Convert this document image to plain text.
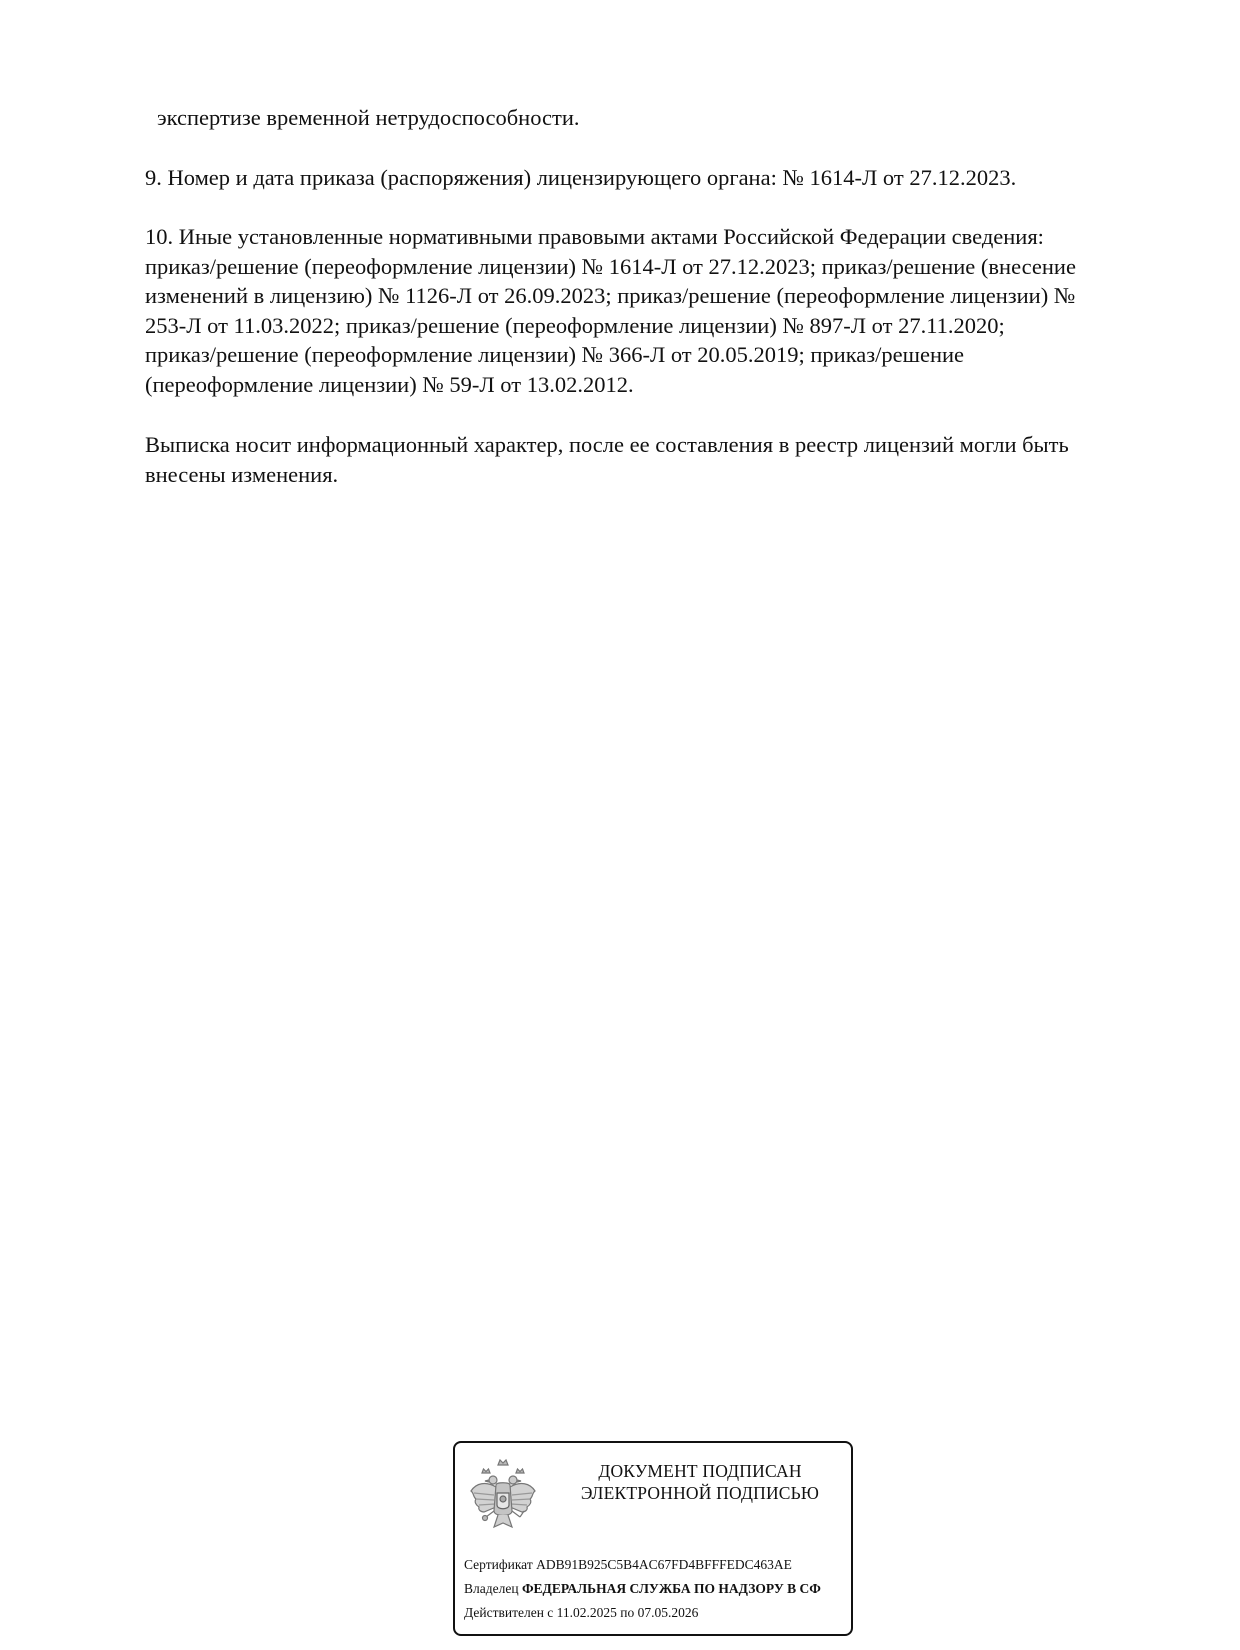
экспертизе временной нетрудоспособности.

9. Номер и дата приказа (распоряжения) лицензирующего органа: № 1614-Л от 27.12.2023.

10. Иные установленные нормативными правовыми актами Российской Федерации сведения:
приказ/решение (переоформление лицензии) № 1614-Л от 27.12.2023; приказ/решение (внесение
изменений в лицензию) № 1126-Л от 26.09.2023; приказ/решение (переоформление лицензии) №
253-Л от 11.03.2022; приказ/решение (переоформление лицензии) № 897-Л от 27.11.2020;
приказ/решение (переоформление лицензии) № 366-Л от 20.05.2019; приказ/решение
(переоформление лицензии) № 59-Л от 13.02.2012.
Выписка носит информационный характер, после ее составления в реестр лицензий могли быть
внесены изменения.
ДОКУМЕНТ ПОДПИСАН
ЭЛЕКТРОННОЙ ПОДПИСЬЮ
Сертификат ADB91B925C5B4AC67FD4BFFFEDC463AE
Владелец ФЕДЕРАЛЬНАЯ СЛУЖБА ПО НАДЗОРУ В СФ
Действителен с 11.02.2025 по 07.05.2026
